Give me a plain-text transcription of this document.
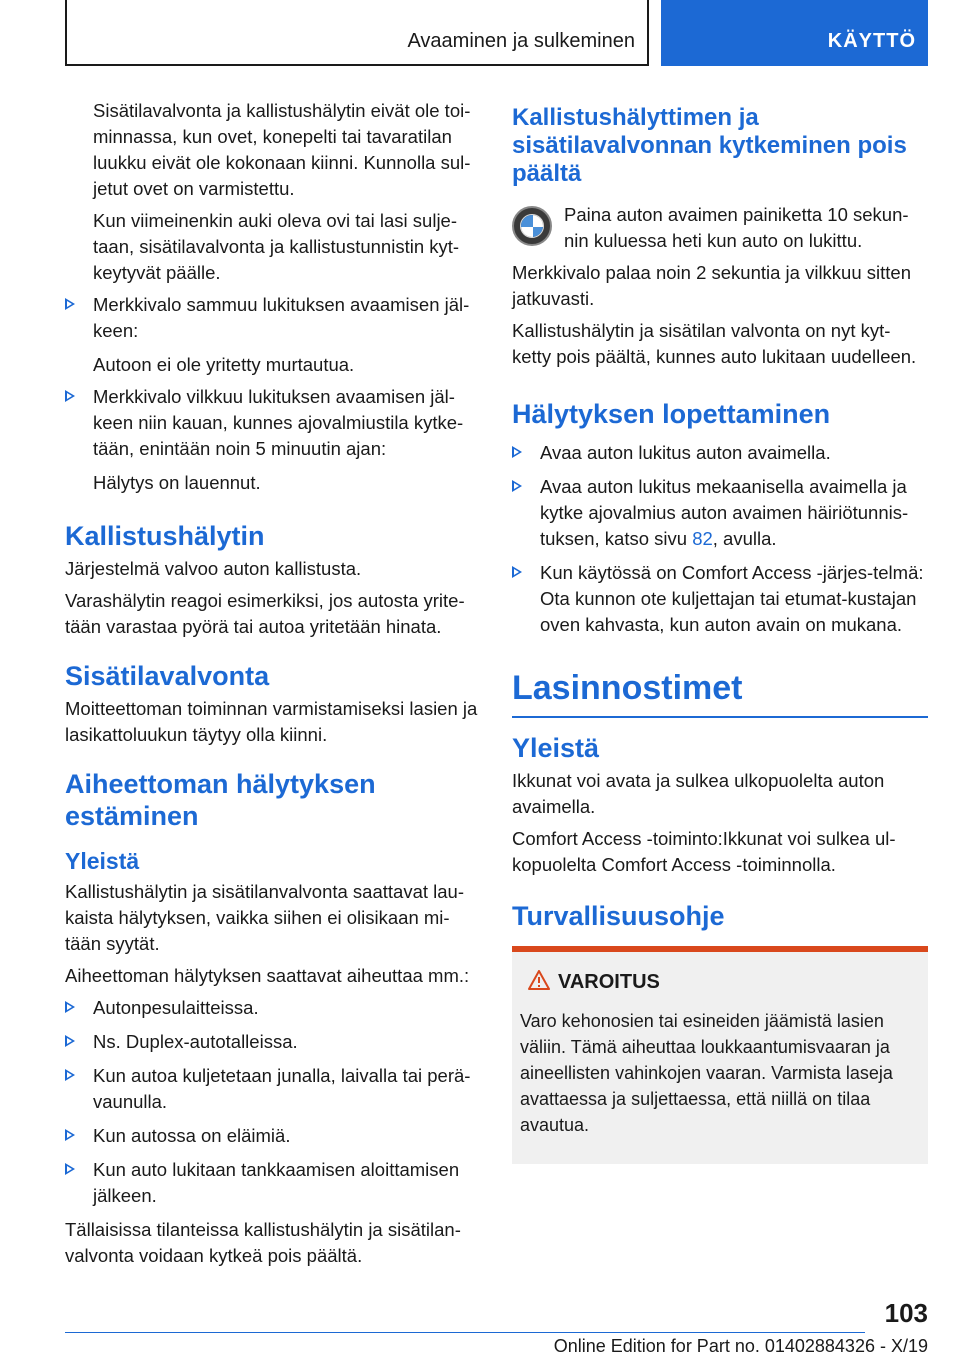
Avaaminen ja sulkeminen	KÄYTTÖ

Sisätilavalvonta ja kallistushälytin eivät ole toi-minnassa, kun ovet, konepelti tai tavaratilan luukku eivät ole kokonaan kiinni. Kunnolla sul-jetut ovet on varmistettu.

Kun viimeinenkin auki oleva ovi tai lasi sulje-taan, sisätilavalvonta ja kallistustunnistin kyt-keytyvät päälle.

Merkkivalo sammuu lukituksen avaamisen jäl-keen:

Autoon ei ole yritetty murtautua.

Merkkivalo vilkkuu lukituksen avaamisen jäl-keen niin kauan, kunnes ajovalmiustila kytke-tään, enintään noin 5 minuutin ajan:

Hälytys on lauennut.

Kallistushälytin

Järjestelmä valvoo auton kallistusta.

Varashälytin reagoi esimerkiksi, jos autosta yrite-tään varastaa pyörä tai autoa yritetään hinata.

Sisätilavalvonta

Moitteettoman toiminnan varmistamiseksi lasien ja lasikattoluukun täytyy olla kiinni.

Aiheettoman hälytyksen estäminen
Yleistä

Kallistushälytin ja sisätilanvalvonta saattavat lau-kaista hälytyksen, vaikka siihen ei olisikaan mi-tään syytät.

Aiheettoman hälytyksen saattavat aiheuttaa mm.:

Autonpesulaitteissa.
Ns. Duplex-autotalleissa.
Kun autoa kuljetetaan junalla, laivalla tai perä-vaunulla.
Kun autossa on eläimiä.
Kun auto lukitaan tankkaamisen aloittamisen jälkeen.

Tällaisissa tilanteissa kallistushälytin ja sisätilan-valvonta voidaan kytkeä pois päältä.

Kallistushälyttimen ja sisätilavalvonnan kytkeminen pois päältä

Paina auton avaimen painiketta 10 sekun-nin kuluessa heti kun auto on lukittu.

Merkkivalo palaa noin 2 sekuntia ja vilkkuu sitten jatkuvasti.

Kallistushälytin ja sisätilan valvonta on nyt kyt-ketty pois päältä, kunnes auto lukitaan uudelleen.

Hälytyksen lopettaminen
Avaa auton lukitus auton avaimella.
Avaa auton lukitus mekaanisella avaimella ja kytke ajovalmius auton avaimen häiriötunnis-tuksen, katso sivu 82, avulla.
Kun käytössä on Comfort Access -järjes-telmä: Ota kunnon ote kuljettajan tai etumat-kustajan oven kahvasta, kun auton avain on mukana.
Lasinnostimet
Yleistä

Ikkunat voi avata ja sulkea ulkopuolelta auton avaimella.

Comfort Access -toiminto:Ikkunat voi sulkea ul-kopuolelta Comfort Access -toiminnolla.

Turvallisuusohje
VAROITUS

Varo kehonosien tai esineiden jäämistä lasien väliin. Tämä aiheuttaa loukkaantumisvaaran ja aineellisten vahinkojen vaaran. Varmista laseja avattaessa ja suljettaessa, että niillä on tilaa avautua.

103
Online Edition for Part no. 01402884326 - X/19
